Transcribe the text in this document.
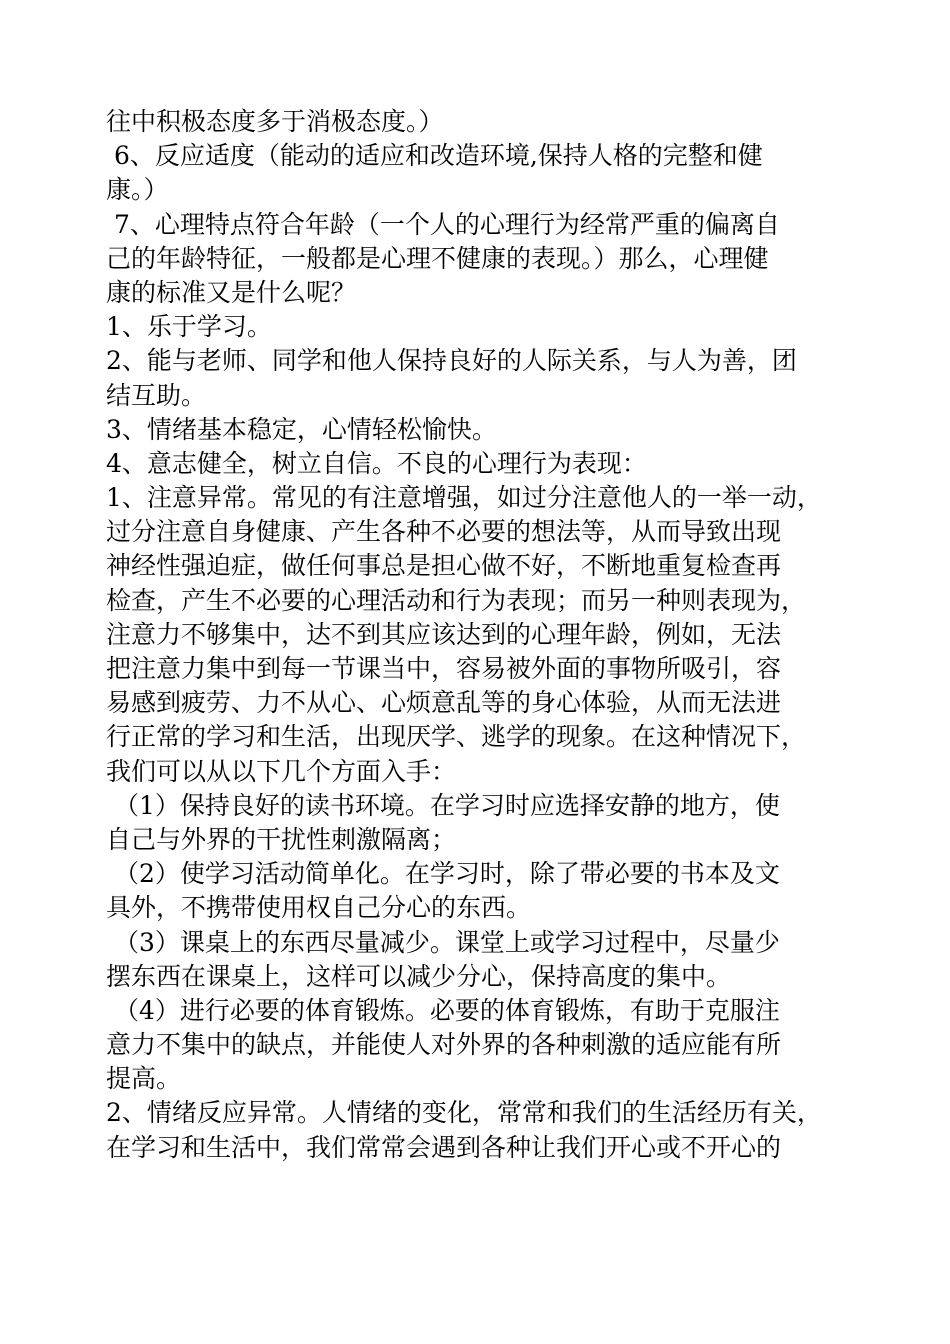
往中积极态度多于消极态度。）
6、反应适度（能动的适应和改造环境,保持人格的完整和健
康。）
7、心理特点符合年龄（一个人的心理行为经常严重的偏离自
己的年龄特征，一般都是心理不健康的表现。）那么，心理健
康的标准又是什么呢？
1、乐于学习。
2、能与老师、同学和他人保持良好的人际关系，与人为善，团
结互助。
3、情绪基本稳定，心情轻松愉快。
4、意志健全，树立自信。不良的心理行为表现：
1、注意异常。常见的有注意增强，如过分注意他人的一举一动，
过分注意自身健康、产生各种不必要的想法等，从而导致出现
神经性强迫症，做任何事总是担心做不好，不断地重复检查再
检查，产生不必要的心理活动和行为表现；而另一种则表现为，
注意力不够集中，达不到其应该达到的心理年龄，例如，无法
把注意力集中到每一节课当中，容易被外面的事物所吸引，容
易感到疲劳、力不从心、心烦意乱等的身心体验，从而无法进
行正常的学习和生活，出现厌学、逃学的现象。在这种情况下，
我们可以从以下几个方面入手：
（1）保持良好的读书环境。在学习时应选择安静的地方，使
自己与外界的干扰性刺激隔离；
（2）使学习活动简单化。在学习时，除了带必要的书本及文
具外，不携带使用权自己分心的东西。
（3）课桌上的东西尽量减少。课堂上或学习过程中，尽量少
摆东西在课桌上，这样可以减少分心，保持高度的集中。
（4）进行必要的体育锻炼。必要的体育锻炼，有助于克服注
意力不集中的缺点，并能使人对外界的各种刺激的适应能有所
提高。
2、情绪反应异常。人情绪的变化，常常和我们的生活经历有关，
在学习和生活中，我们常常会遇到各种让我们开心或不开心的
